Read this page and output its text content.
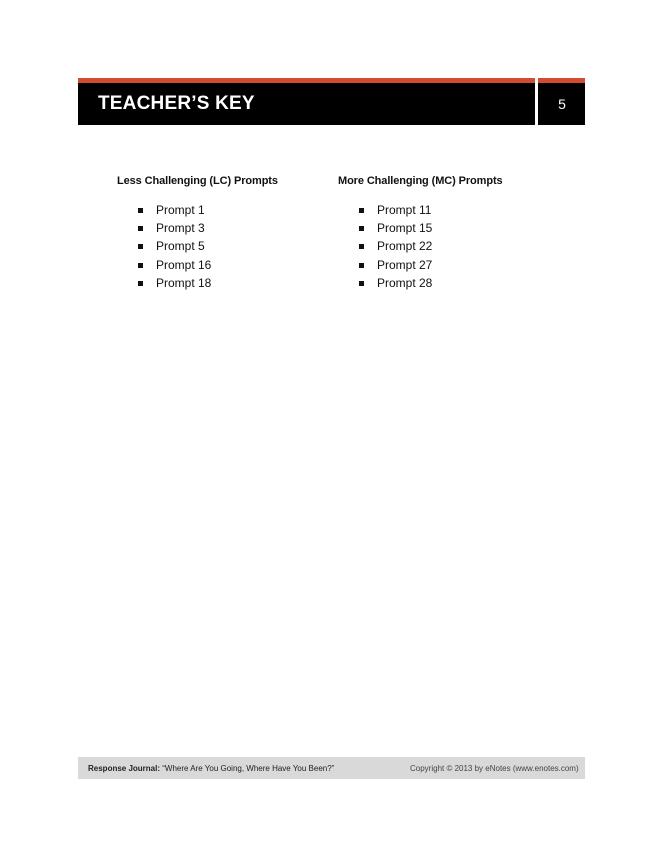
TEACHER’S KEY	5
Less Challenging (LC) Prompts
Prompt 1
Prompt 3
Prompt 5
Prompt 16
Prompt 18
More Challenging (MC) Prompts
Prompt 11
Prompt 15
Prompt 22
Prompt 27
Prompt 28
Response Journal: “Where Are You Going, Where Have You Been?”	Copyright © 2013 by eNotes (www.enotes.com)
